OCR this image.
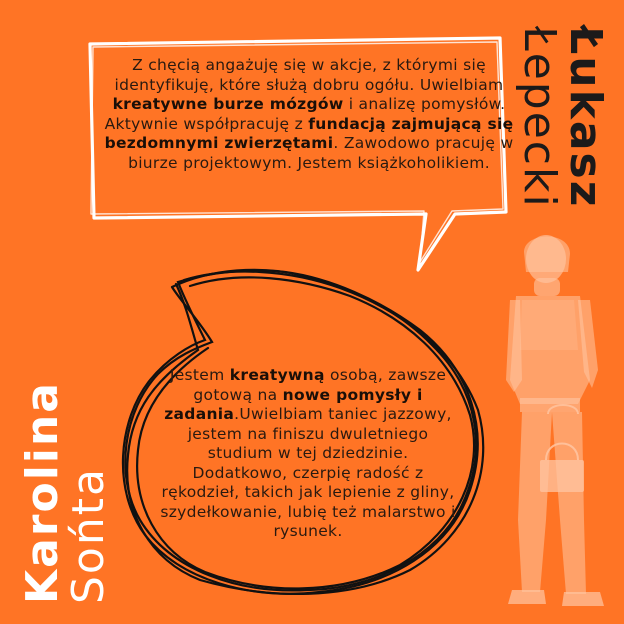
Z chęcią angażuję się w akcje, z którymi się identyfikuję, które służą dobru ogółu. Uwielbiam kreatywne burze mózgów i analizę pomysłów. Aktywnie współpracuję z fundacją zajmującą się bezdomnymi zwierzętami. Zawodowo pracuję w biurze projektowym. Jestem książkoholikiem.
Jestem kreatywną osobą, zawsze gotową na nowe pomysły i zadania.Uwielbiam taniec jazzowy, jestem na finiszu dwuletniego studium w tej dziedzinie. Dodatkowo, czerpię radość z rękodzieł, takich jak lepienie z gliny, szydełkowanie, lubię też malarstwo i rysunek.
Łukasz
Łepecki
Karolina
Sońta
